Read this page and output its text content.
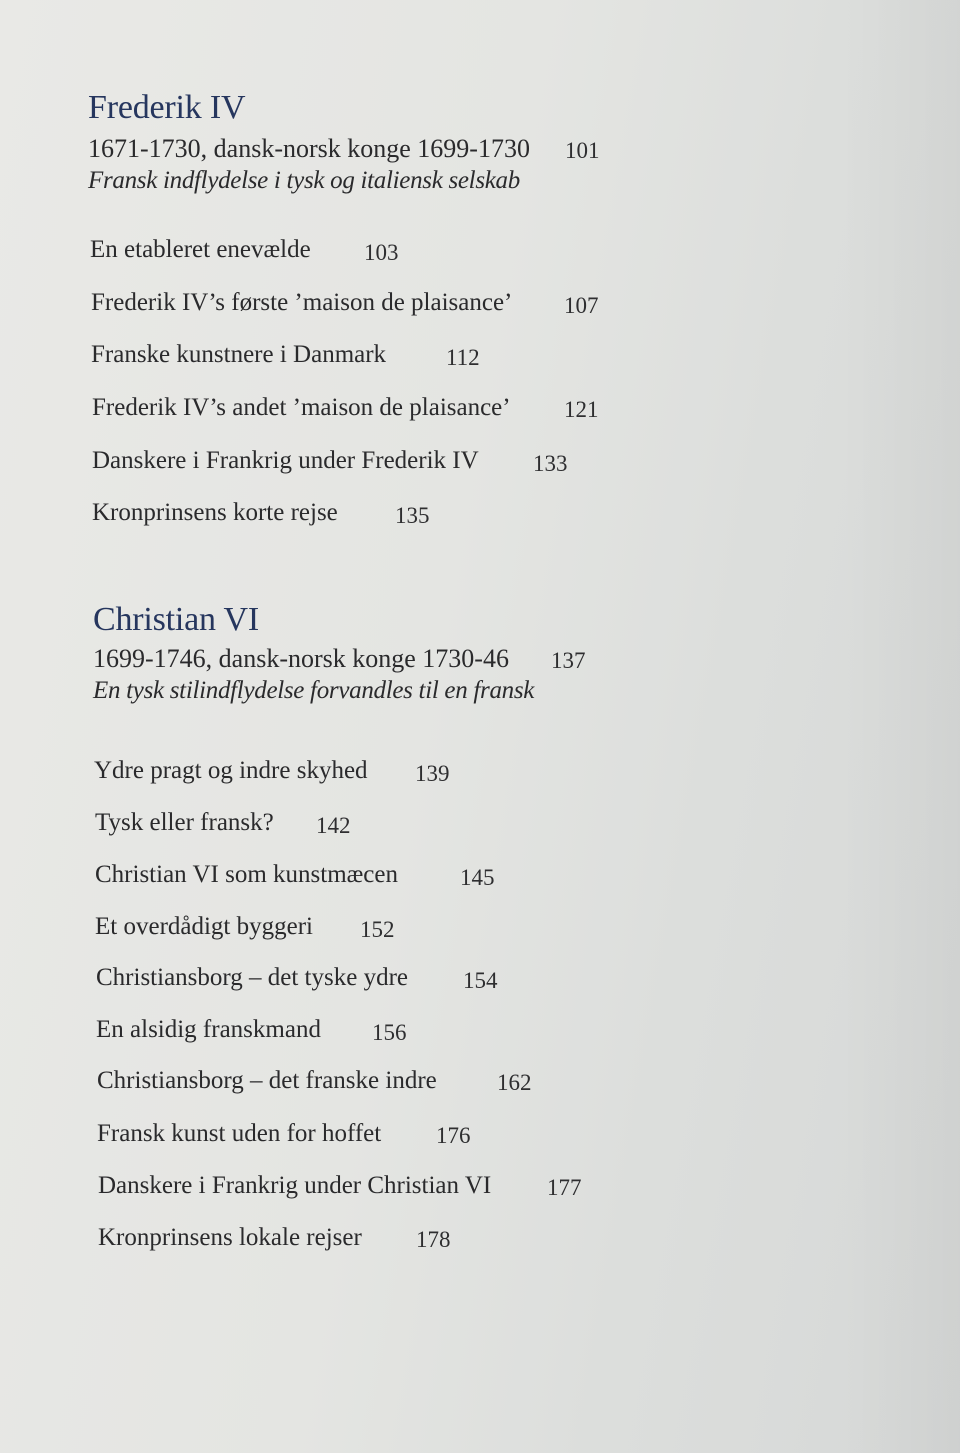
Frederik IV
1671-1730, dansk-norsk konge 1699-1730 101
Fransk indflydelse i tysk og italiensk selskab
En etableret enevælde 103
Frederik IV’s første ’maison de plaisance’ 107
Franske kunstnere i Danmark	112
Frederik IV’s andet ’maison de plaisance’ 121
Danskere i Frankrig under Frederik IV 133
Kronprinsens korte rejse 135
Christian VI
1699-1746, dansk-norsk konge 1730-46 137
En tysk stilindflydelse forvandles til en fransk
Ydre pragt og indre skyhed 139
Tysk eller fransk? 142
Christian VI som kunstmæcen	145
Et overdådigt byggeri 152
Christiansborg – det tyske ydre 154
En alsidig franskmand 156
Christiansborg – det franske indre	162
Fransk kunst uden for hoffet 176
Danskere i Frankrig under Christian VI 177
Kronprinsens lokale rejser 178
